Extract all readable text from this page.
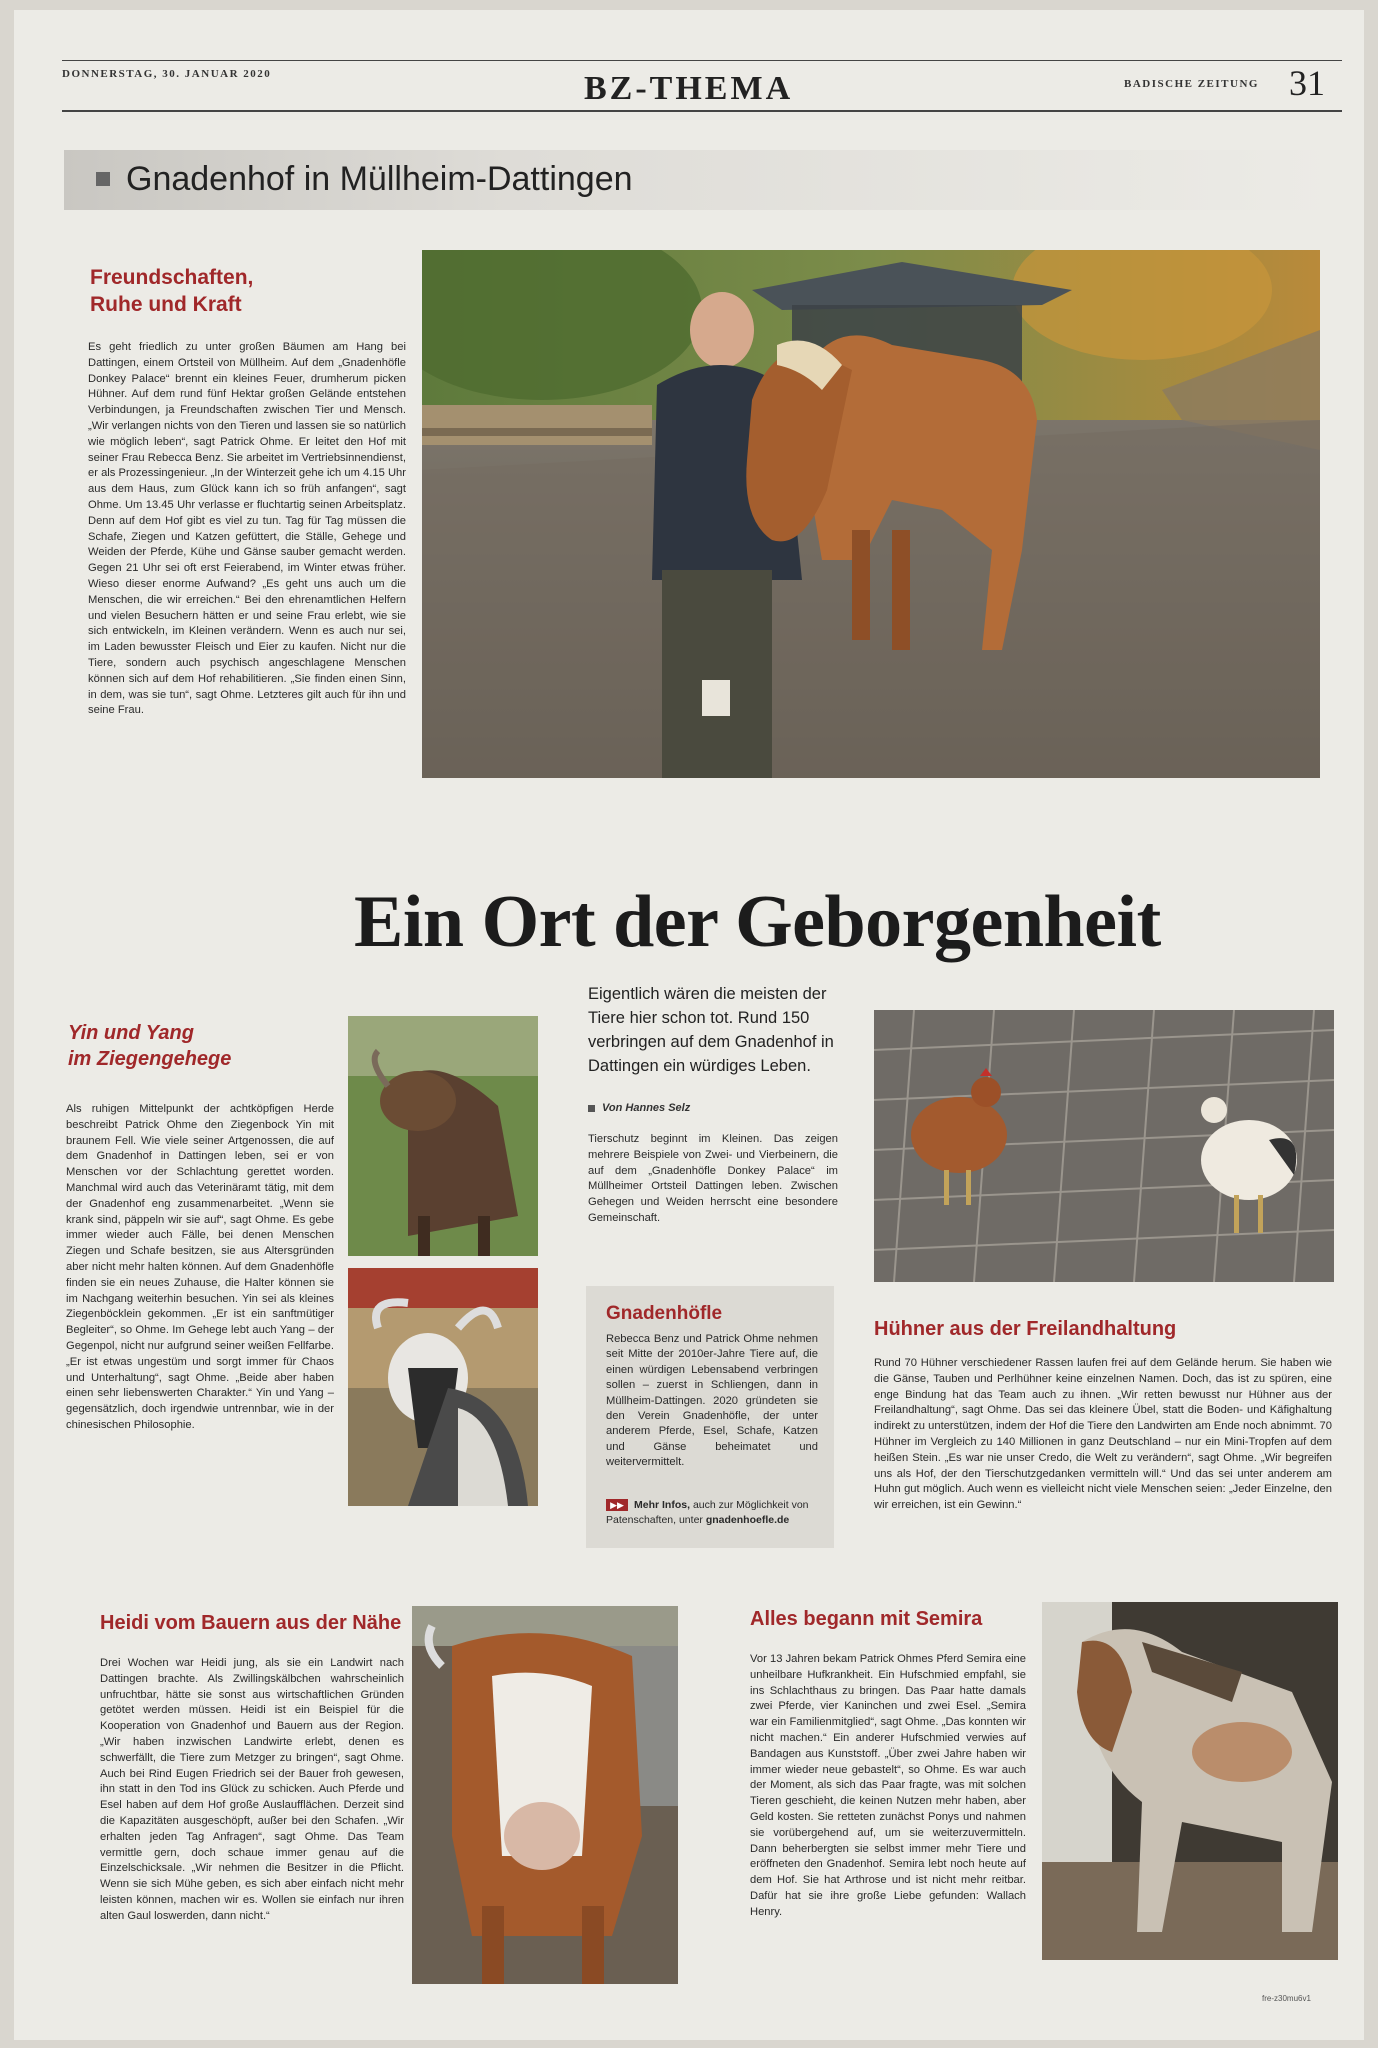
DONNERSTAG, 30. JANUAR 2020	BZ-THEMA	BADISCHE ZEITUNG 31
Gnadenhof in Müllheim-Dattingen
Freundschaften,
Ruhe und Kraft
Es geht friedlich zu unter großen Bäumen am Hang bei Dattingen, einem Ortsteil von Müllheim. Auf dem „Gnadenhöfle Donkey Palace“ brennt ein kleines Feuer, drumherum picken Hühner. Auf dem rund fünf Hektar großen Gelände entstehen Verbindungen, ja Freundschaften zwischen Tier und Mensch. „Wir verlangen nichts von den Tieren und lassen sie so natürlich wie möglich leben“, sagt Patrick Ohme. Er leitet den Hof mit seiner Frau Rebecca Benz. Sie arbeitet im Vertriebsinnendienst, er als Prozessingenieur. „In der Winterzeit gehe ich um 4.15 Uhr aus dem Haus, zum Glück kann ich so früh anfangen“, sagt Ohme. Um 13.45 Uhr verlasse er fluchtartig seinen Arbeitsplatz. Denn auf dem Hof gibt es viel zu tun. Tag für Tag müssen die Schafe, Ziegen und Katzen gefüttert, die Ställe, Gehege und Weiden der Pferde, Kühe und Gänse sauber gemacht werden. Gegen 21 Uhr sei oft erst Feierabend, im Winter etwas früher. Wieso dieser enorme Aufwand? „Es geht uns auch um die Menschen, die wir erreichen.“ Bei den ehrenamtlichen Helfern und vielen Besuchern hätten er und seine Frau erlebt, wie sie sich entwickeln, im Kleinen verändern. Wenn es auch nur sei, im Laden bewusster Fleisch und Eier zu kaufen. Nicht nur die Tiere, sondern auch psychisch angeschlagene Menschen können sich auf dem Hof rehabilitieren. „Sie finden einen Sinn, in dem, was sie tun“, sagt Ohme. Letzteres gilt auch für ihn und seine Frau.
Ein Ort der Geborgenheit
Eigentlich wären die meisten der Tiere hier schon tot. Rund 150 verbringen auf dem Gnadenhof in Dattingen ein würdiges Leben.
Von Hannes Selz
Tierschutz beginnt im Kleinen. Das zeigen mehrere Beispiele von Zwei- und Vierbeinern, die auf dem „Gnadenhöfle Donkey Palace“ im Müllheimer Ortsteil Dattingen leben. Zwischen Gehegen und Weiden herrscht eine besondere Gemeinschaft.
Yin und Yang
im Ziegengehege
Als ruhigen Mittelpunkt der achtköpfigen Herde beschreibt Patrick Ohme den Ziegenbock Yin mit braunem Fell. Wie viele seiner Artgenossen, die auf dem Gnadenhof in Dattingen leben, sei er von Menschen vor der Schlachtung gerettet worden. Manchmal wird auch das Veterinäramt tätig, mit dem der Gnadenhof eng zusammenarbeitet. „Wenn sie krank sind, päppeln wir sie auf“, sagt Ohme. Es gebe immer wieder auch Fälle, bei denen Menschen Ziegen und Schafe besitzen, sie aus Altersgründen aber nicht mehr halten können. Auf dem Gnadenhöfle finden sie ein neues Zuhause, die Halter können sie im Nachgang weiterhin besuchen. Yin sei als kleines Ziegenböcklein gekommen. „Er ist ein sanftmütiger Begleiter“, so Ohme. Im Gehege lebt auch Yang – der Gegenpol, nicht nur aufgrund seiner weißen Fellfarbe. „Er ist etwas ungestüm und sorgt immer für Chaos und Unterhaltung“, sagt Ohme. „Beide aber haben einen sehr liebenswerten Charakter.“ Yin und Yang – gegensätzlich, doch irgendwie untrennbar, wie in der chinesischen Philosophie.
Gnadenhöfle
Rebecca Benz und Patrick Ohme nehmen seit Mitte der 2010er-Jahre Tiere auf, die einen würdigen Lebensabend verbringen sollen – zuerst in Schliengen, dann in Müllheim-Dattingen. 2020 gründeten sie den Verein Gnadenhöfle, der unter anderem Pferde, Esel, Schafe, Katzen und Gänse beheimatet und weitervermittelt.
▶▶ Mehr Infos, auch zur Möglichkeit von Patenschaften, unter gnadenhoefle.de
Hühner aus der Freilandhaltung
Rund 70 Hühner verschiedener Rassen laufen frei auf dem Gelände herum. Sie haben wie die Gänse, Tauben und Perlhühner keine einzelnen Namen. Doch, das ist zu spüren, eine enge Bindung hat das Team auch zu ihnen. „Wir retten bewusst nur Hühner aus der Freilandhaltung“, sagt Ohme. Das sei das kleinere Übel, statt die Boden- und Käfighaltung indirekt zu unterstützen, indem der Hof die Tiere den Landwirten am Ende noch abnimmt. 70 Hühner im Vergleich zu 140 Millionen in ganz Deutschland – nur ein Mini-Tropfen auf dem heißen Stein. „Es war nie unser Credo, die Welt zu verändern“, sagt Ohme. „Wir begreifen uns als Hof, der den Tierschutzgedanken vermitteln will.“ Und das sei unter anderem am Huhn gut möglich. Auch wenn es vielleicht nicht viele Menschen seien: „Jeder Einzelne, den wir erreichen, ist ein Gewinn.“
Heidi vom Bauern aus der Nähe
Drei Wochen war Heidi jung, als sie ein Landwirt nach Dattingen brachte. Als Zwillingskälbchen wahrscheinlich unfruchtbar, hätte sie sonst aus wirtschaftlichen Gründen getötet werden müssen. Heidi ist ein Beispiel für die Kooperation von Gnadenhof und Bauern aus der Region. „Wir haben inzwischen Landwirte erlebt, denen es schwerfällt, die Tiere zum Metzger zu bringen“, sagt Ohme. Auch bei Rind Eugen Friedrich sei der Bauer froh gewesen, ihn statt in den Tod ins Glück zu schicken. Auch Pferde und Esel haben auf dem Hof große Auslaufflächen. Derzeit sind die Kapazitäten ausgeschöpft, außer bei den Schafen. „Wir erhalten jeden Tag Anfragen“, sagt Ohme. Das Team vermittle gern, doch schaue immer genau auf die Einzelschicksale. „Wir nehmen die Besitzer in die Pflicht. Wenn sie sich Mühe geben, es sich aber einfach nicht mehr leisten können, machen wir es. Wollen sie einfach nur ihren alten Gaul loswerden, dann nicht.“
Alles begann mit Semira
Vor 13 Jahren bekam Patrick Ohmes Pferd Semira eine unheilbare Hufkrankheit. Ein Hufschmied empfahl, sie ins Schlachthaus zu bringen. Das Paar hatte damals zwei Pferde, vier Kaninchen und zwei Esel. „Semira war ein Familienmitglied“, sagt Ohme. „Das konnten wir nicht machen.“ Ein anderer Hufschmied verwies auf Bandagen aus Kunststoff. „Über zwei Jahre haben wir immer wieder neue gebastelt“, so Ohme. Es war auch der Moment, als sich das Paar fragte, was mit solchen Tieren geschieht, die keinen Nutzen mehr haben, aber Geld kosten. Sie retteten zunächst Ponys und nahmen sie vorübergehend auf, um sie weiterzuvermitteln. Dann beherbergten sie selbst immer mehr Tiere und eröffneten den Gnadenhof. Semira lebt noch heute auf dem Hof. Sie hat Arthrose und ist nicht mehr reitbar. Dafür hat sie ihre große Liebe gefunden: Wallach Henry.
fre-z30mu6v1
